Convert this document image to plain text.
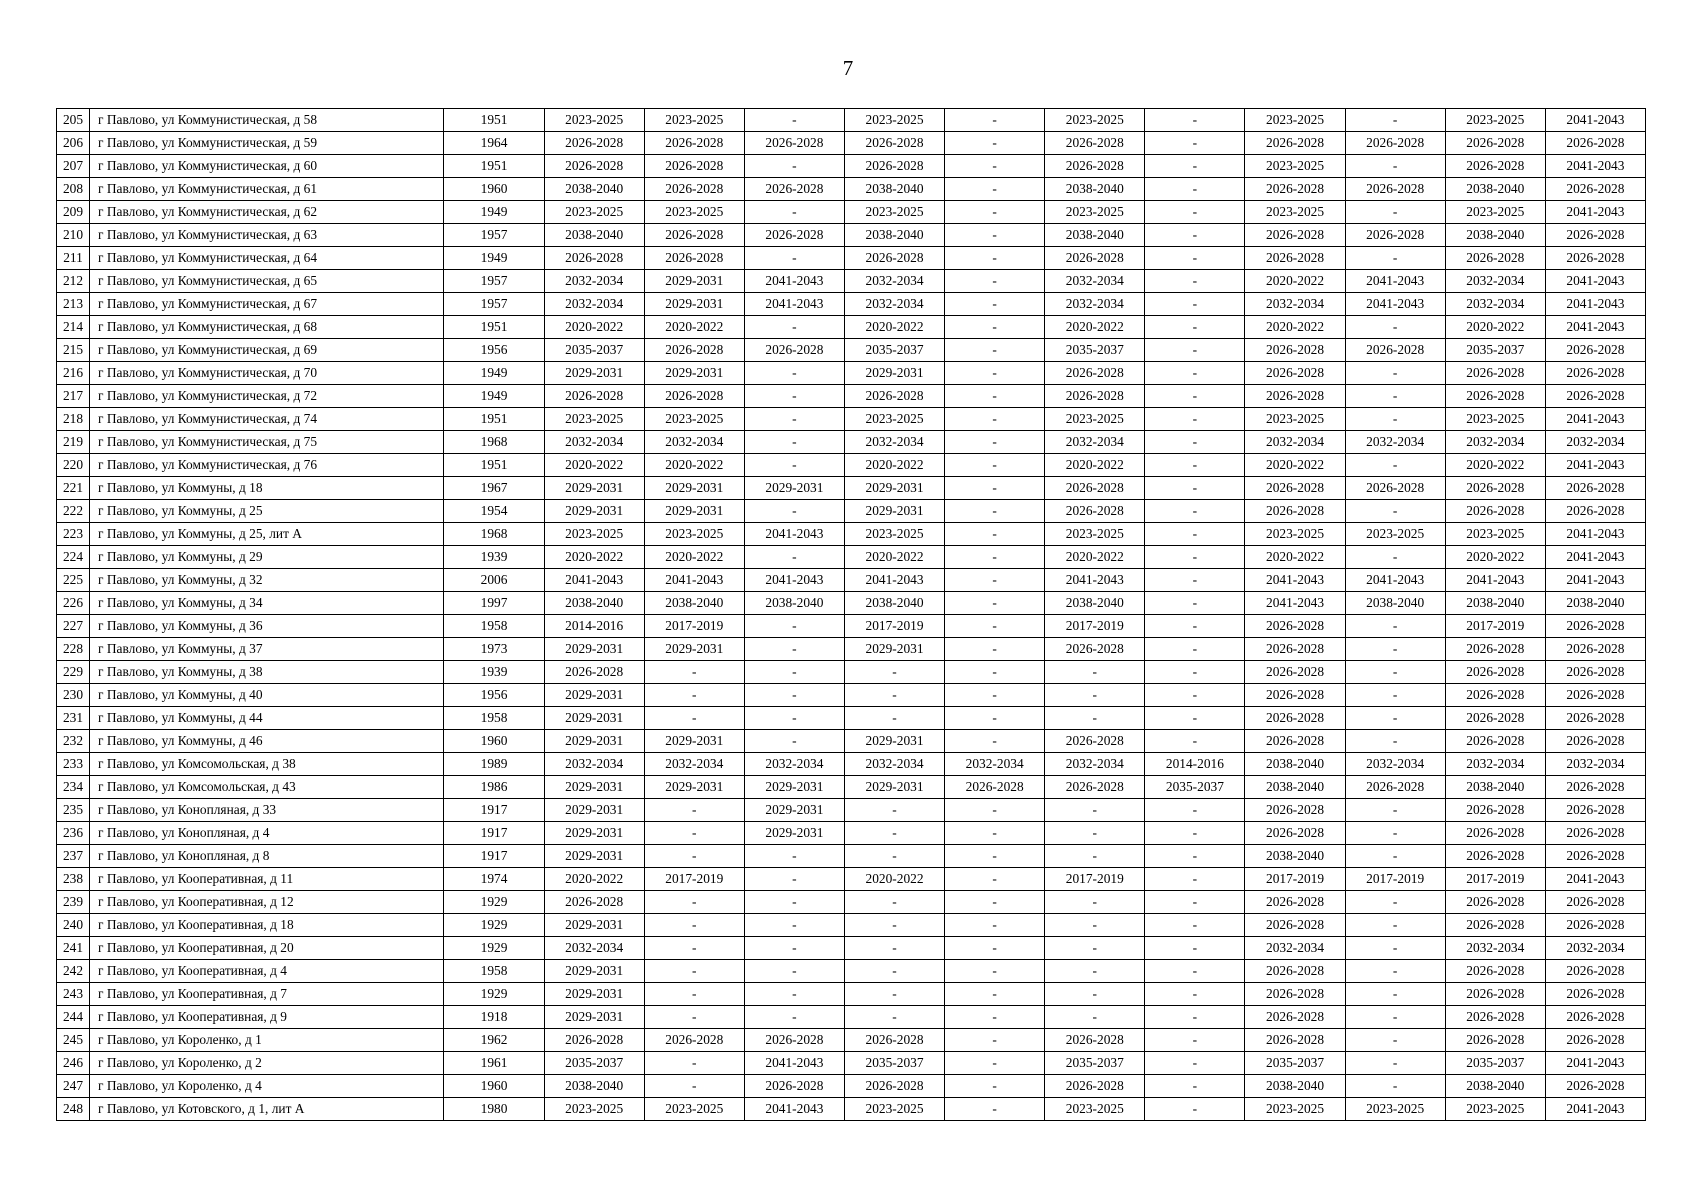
7
205	г Павлово, ул Коммунистическая, д 58	1951	2023-2025	2023-2025	-	2023-2025	-	2023-2025	-	2023-2025	-	2023-2025	2041-2043
206	г Павлово, ул Коммунистическая, д 59	1964	2026-2028	2026-2028	2026-2028	2026-2028	-	2026-2028	-	2026-2028	2026-2028	2026-2028	2026-2028
207	г Павлово, ул Коммунистическая, д 60	1951	2026-2028	2026-2028	-	2026-2028	-	2026-2028	-	2023-2025	-	2026-2028	2041-2043
208	г Павлово, ул Коммунистическая, д 61	1960	2038-2040	2026-2028	2026-2028	2038-2040	-	2038-2040	-	2026-2028	2026-2028	2038-2040	2026-2028
209	г Павлово, ул Коммунистическая, д 62	1949	2023-2025	2023-2025	-	2023-2025	-	2023-2025	-	2023-2025	-	2023-2025	2041-2043
210	г Павлово, ул Коммунистическая, д 63	1957	2038-2040	2026-2028	2026-2028	2038-2040	-	2038-2040	-	2026-2028	2026-2028	2038-2040	2026-2028
211	г Павлово, ул Коммунистическая, д 64	1949	2026-2028	2026-2028	-	2026-2028	-	2026-2028	-	2026-2028	-	2026-2028	2026-2028
212	г Павлово, ул Коммунистическая, д 65	1957	2032-2034	2029-2031	2041-2043	2032-2034	-	2032-2034	-	2020-2022	2041-2043	2032-2034	2041-2043
213	г Павлово, ул Коммунистическая, д 67	1957	2032-2034	2029-2031	2041-2043	2032-2034	-	2032-2034	-	2032-2034	2041-2043	2032-2034	2041-2043
214	г Павлово, ул Коммунистическая, д 68	1951	2020-2022	2020-2022	-	2020-2022	-	2020-2022	-	2020-2022	-	2020-2022	2041-2043
215	г Павлово, ул Коммунистическая, д 69	1956	2035-2037	2026-2028	2026-2028	2035-2037	-	2035-2037	-	2026-2028	2026-2028	2035-2037	2026-2028
216	г Павлово, ул Коммунистическая, д 70	1949	2029-2031	2029-2031	-	2029-2031	-	2026-2028	-	2026-2028	-	2026-2028	2026-2028
217	г Павлово, ул Коммунистическая, д 72	1949	2026-2028	2026-2028	-	2026-2028	-	2026-2028	-	2026-2028	-	2026-2028	2026-2028
218	г Павлово, ул Коммунистическая, д 74	1951	2023-2025	2023-2025	-	2023-2025	-	2023-2025	-	2023-2025	-	2023-2025	2041-2043
219	г Павлово, ул Коммунистическая, д 75	1968	2032-2034	2032-2034	-	2032-2034	-	2032-2034	-	2032-2034	2032-2034	2032-2034	2032-2034
220	г Павлово, ул Коммунистическая, д 76	1951	2020-2022	2020-2022	-	2020-2022	-	2020-2022	-	2020-2022	-	2020-2022	2041-2043
221	г Павлово, ул Коммуны, д 18	1967	2029-2031	2029-2031	2029-2031	2029-2031	-	2026-2028	-	2026-2028	2026-2028	2026-2028	2026-2028
222	г Павлово, ул Коммуны, д 25	1954	2029-2031	2029-2031	-	2029-2031	-	2026-2028	-	2026-2028	-	2026-2028	2026-2028
223	г Павлово, ул Коммуны, д 25, лит А	1968	2023-2025	2023-2025	2041-2043	2023-2025	-	2023-2025	-	2023-2025	2023-2025	2023-2025	2041-2043
224	г Павлово, ул Коммуны, д 29	1939	2020-2022	2020-2022	-	2020-2022	-	2020-2022	-	2020-2022	-	2020-2022	2041-2043
225	г Павлово, ул Коммуны, д 32	2006	2041-2043	2041-2043	2041-2043	2041-2043	-	2041-2043	-	2041-2043	2041-2043	2041-2043	2041-2043
226	г Павлово, ул Коммуны, д 34	1997	2038-2040	2038-2040	2038-2040	2038-2040	-	2038-2040	-	2041-2043	2038-2040	2038-2040	2038-2040
227	г Павлово, ул Коммуны, д 36	1958	2014-2016	2017-2019	-	2017-2019	-	2017-2019	-	2026-2028	-	2017-2019	2026-2028
228	г Павлово, ул Коммуны, д 37	1973	2029-2031	2029-2031	-	2029-2031	-	2026-2028	-	2026-2028	-	2026-2028	2026-2028
229	г Павлово, ул Коммуны, д 38	1939	2026-2028	-	-	-	-	-	-	2026-2028	-	2026-2028	2026-2028
230	г Павлово, ул Коммуны, д 40	1956	2029-2031	-	-	-	-	-	-	2026-2028	-	2026-2028	2026-2028
231	г Павлово, ул Коммуны, д 44	1958	2029-2031	-	-	-	-	-	-	2026-2028	-	2026-2028	2026-2028
232	г Павлово, ул Коммуны, д 46	1960	2029-2031	2029-2031	-	2029-2031	-	2026-2028	-	2026-2028	-	2026-2028	2026-2028
233	г Павлово, ул Комсомольская, д 38	1989	2032-2034	2032-2034	2032-2034	2032-2034	2032-2034	2032-2034	2014-2016	2038-2040	2032-2034	2032-2034	2032-2034
234	г Павлово, ул Комсомольская, д 43	1986	2029-2031	2029-2031	2029-2031	2029-2031	2026-2028	2026-2028	2035-2037	2038-2040	2026-2028	2038-2040	2026-2028
235	г Павлово, ул Конопляная, д 33	1917	2029-2031	-	2029-2031	-	-	-	-	2026-2028	-	2026-2028	2026-2028
236	г Павлово, ул Конопляная, д 4	1917	2029-2031	-	2029-2031	-	-	-	-	2026-2028	-	2026-2028	2026-2028
237	г Павлово, ул Конопляная, д 8	1917	2029-2031	-	-	-	-	-	-	2038-2040	-	2026-2028	2026-2028
238	г Павлово, ул Кооперативная, д 11	1974	2020-2022	2017-2019	-	2020-2022	-	2017-2019	-	2017-2019	2017-2019	2017-2019	2041-2043
239	г Павлово, ул Кооперативная, д 12	1929	2026-2028	-	-	-	-	-	-	2026-2028	-	2026-2028	2026-2028
240	г Павлово, ул Кооперативная, д 18	1929	2029-2031	-	-	-	-	-	-	2026-2028	-	2026-2028	2026-2028
241	г Павлово, ул Кооперативная, д 20	1929	2032-2034	-	-	-	-	-	-	2032-2034	-	2032-2034	2032-2034
242	г Павлово, ул Кооперативная, д 4	1958	2029-2031	-	-	-	-	-	-	2026-2028	-	2026-2028	2026-2028
243	г Павлово, ул Кооперативная, д 7	1929	2029-2031	-	-	-	-	-	-	2026-2028	-	2026-2028	2026-2028
244	г Павлово, ул Кооперативная, д 9	1918	2029-2031	-	-	-	-	-	-	2026-2028	-	2026-2028	2026-2028
245	г Павлово, ул Короленко, д 1	1962	2026-2028	2026-2028	2026-2028	2026-2028	-	2026-2028	-	2026-2028	-	2026-2028	2026-2028
246	г Павлово, ул Короленко, д 2	1961	2035-2037	-	2041-2043	2035-2037	-	2035-2037	-	2035-2037	-	2035-2037	2041-2043
247	г Павлово, ул Короленко, д 4	1960	2038-2040	-	2026-2028	2026-2028	-	2026-2028	-	2038-2040	-	2038-2040	2026-2028
248	г Павлово, ул Котовского, д 1, лит А	1980	2023-2025	2023-2025	2041-2043	2023-2025	-	2023-2025	-	2023-2025	2023-2025	2023-2025	2041-2043
